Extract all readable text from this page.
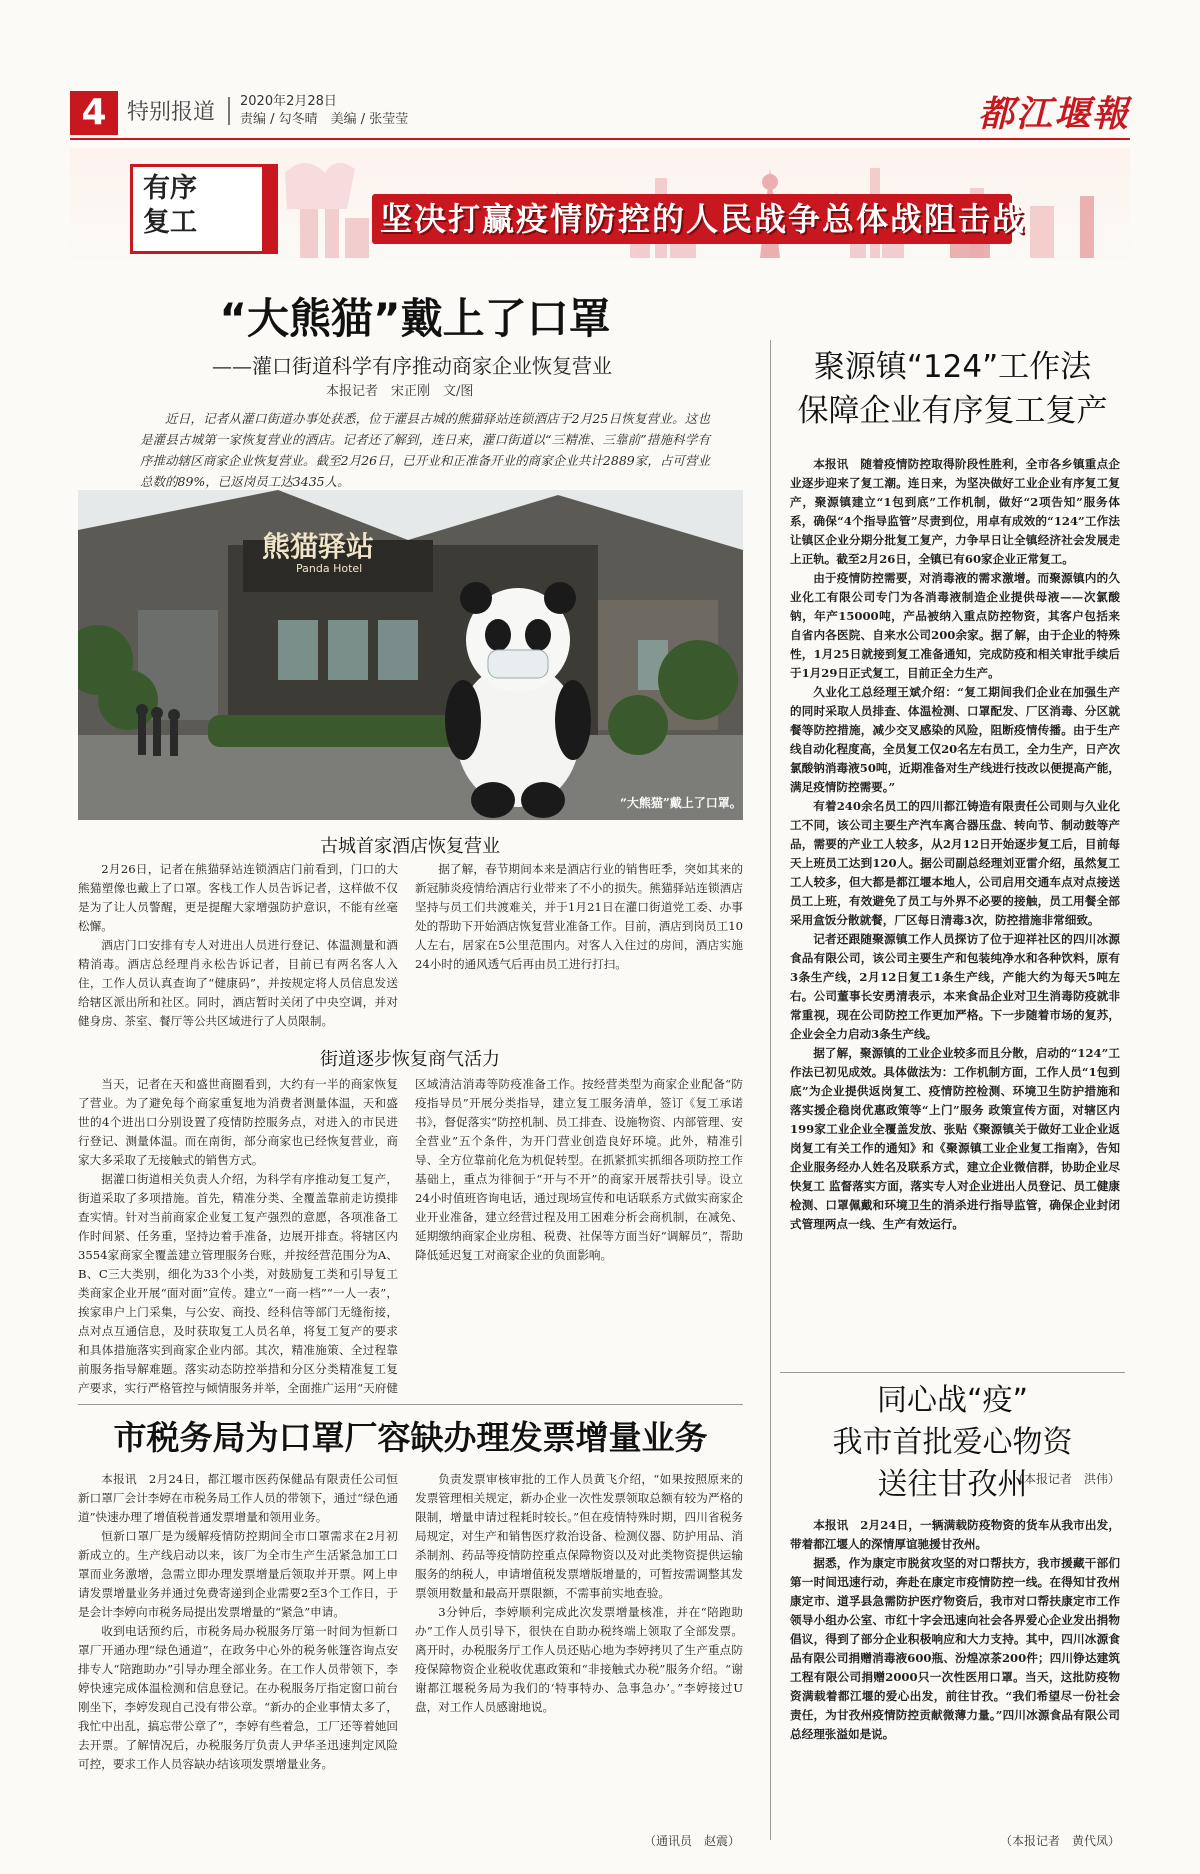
4 特别报道 2020年2月28日
责编 / 勾冬晴　美编 / 张莹莹	都江堰報
有序
复工	坚决打赢疫情防控的人民战争总体战阻击战
“大熊猫”戴上了口罩
——灌口街道科学有序推动商家企业恢复营业
本报记者　宋正刚　文/图

近日，记者从灌口街道办事处获悉，位于灌县古城的熊猫驿站连锁酒店于2月25日恢复营业。这也是灌县古城第一家恢复营业的酒店。记者还了解到，连日来，灌口街道以“三精准、三靠前”措施科学有序推动辖区商家企业恢复营业。截至2月26日，已开业和正准备开业的商家企业共计2889家，占可营业总数的89%，已返岗员工达3435人。

熊猫驿站
Panda Hotel
“大熊猫”戴上了口罩。
古城首家酒店恢复营业

2月26日，记者在熊猫驿站连锁酒店门前看到，门口的大熊猫塑像也戴上了口罩。客栈工作人员告诉记者，这样做不仅是为了让人员警醒，更是提醒大家增强防护意识，不能有丝毫松懈。

酒店门口安排有专人对进出人员进行登记、体温测量和酒精消毒。酒店总经理肖永松告诉记者，目前已有两名客人入住，工作人员认真查询了“健康码”，并按规定将人员信息发送给辖区派出所和社区。同时，酒店暂时关闭了中央空调，并对健身房、茶室、餐厅等公共区域进行了人员限制。

据了解，春节期间本来是酒店行业的销售旺季，突如其来的新冠肺炎疫情给酒店行业带来了不小的损失。熊猫驿站连锁酒店坚持与员工们共渡难关，并于1月21日在灌口街道党工委、办事处的帮助下开始酒店恢复营业准备工作。目前，酒店到岗员工10人左右，居家在5公里范围内。对客人入住过的房间，酒店实施24小时的通风透气后再由员工进行打扫。

街道逐步恢复商气活力

当天，记者在天和盛世商圈看到，大约有一半的商家恢复了营业。为了避免每个商家重复地为消费者测量体温，天和盛世的4个进出口分别设置了疫情防控服务点，对进入的市民进行登记、测量体温。而在南街，部分商家也已经恢复营业，商家大多采取了无接触式的销售方式。

据灌口街道相关负责人介绍，为科学有序推动复工复产，街道采取了多项措施。首先，精准分类、全覆盖靠前走访摸排查实情。针对当前商家企业复工复产强烈的意愿，各项准备工作时间紧、任务重，坚持边着手准备，边展开排查。将辖区内3554家商家全覆盖建立管理服务台账，并按经营范围分为A、B、C三大类别，细化为33个小类，对鼓励复工类和引导复工类商家企业开展“面对面”宣传。建立“一商一档”“一人一表”，挨家串户上门采集，与公安、商投、经科信等部门无缝衔接，点对点互通信息，及时获取复工人员名单，将复工复产的要求和具体措施落实到商家企业内部。其次，精准施策、全过程靠前服务指导解难题。落实动态防控举措和分区分类精准复工复产要求，实行严格管控与倾情服务并举，全面推广运用“天府健

区域清洁消毒等防疫准备工作。按经营类型为商家企业配备“防疫指导员”开展分类指导，建立复工服务清单，签订《复工承诺书》，督促落实“防控机制、员工排查、设施物资、内部管理、安全营业”五个条件，为开门营业创造良好环境。此外，精准引导、全方位靠前化危为机促转型。在抓紧抓实抓细各项防控工作基础上，重点为徘徊于“开与不开”的商家开展帮扶引导。设立24小时值班咨询电话，通过现场宣传和电话联系方式做实商家企业开业准备，建立经营过程及用工困难分析会商机制，在减免、延期缴纳商家企业房租、税费、社保等方面当好“调解员”，帮助降低延迟复工对商家企业的负面影响。

市税务局为口罩厂容缺办理发票增量业务

本报讯　2月24日，都江堰市医药保健品有限责任公司恒新口罩厂会计李婷在市税务局工作人员的带领下，通过“绿色通道”快速办理了增值税普通发票增量和领用业务。

恒新口罩厂是为缓解疫情防控期间全市口罩需求在2月初新成立的。生产线启动以来，该厂为全市生产生活紧急加工口罩而业务激增，急需立即办理发票增量后领取并开票。网上申请发票增量业务并通过免费寄递到企业需要2至3个工作日，于是会计李婷向市税务局提出发票增量的“紧急”申请。

收到电话预约后，市税务局办税服务厅第一时间为恒新口罩厂开通办理“绿色通道”，在政务中心外的税务帐篷咨询点安排专人“陪跑助办”引导办理全部业务。在工作人员带领下，李婷快速完成体温检测和信息登记。在办税服务厅指定窗口前台刚坐下，李婷发现自己没有带公章。“新办的企业事情太多了，我忙中出乱，搞忘带公章了”，李婷有些着急，工厂还等着她回去开票。了解情况后，办税服务厅负责人尹华圣迅速判定风险可控，要求工作人员容缺办结该项发票增量业务。

负责发票审核审批的工作人员黄飞介绍，“如果按照原来的发票管理相关规定，新办企业一次性发票领取总额有较为严格的限制，增量申请过程耗时较长。”但在疫情特殊时期，四川省税务局规定，对生产和销售医疗救治设备、检测仪器、防护用品、消杀制剂、药品等疫情防控重点保障物资以及对此类物资提供运输服务的纳税人，申请增值税发票增版增量的，可暂按需调整其发票领用数量和最高开票限额，不需事前实地查验。

3分钟后，李婷顺利完成此次发票增量核准，并在“陪跑助办”工作人员引导下，很快在自助办税终端上领取了全部发票。离开时，办税服务厅工作人员还贴心地为李婷拷贝了生产重点防疫保障物资企业税收优惠政策和“非接触式办税”服务介绍。“谢谢都江堰税务局为我们的‘特事特办、急事急办’。”李婷接过U盘，对工作人员感谢地说。

（通讯员　赵震）
聚源镇“124”工作法
保障企业有序复工复产

本报讯　随着疫情防控取得阶段性胜利，全市各乡镇重点企业逐步迎来了复工潮。连日来，为坚决做好工业企业有序复工复产，聚源镇建立“1包到底”工作机制，做好“2项告知”服务体系，确保“4个指导监管”尽责到位，用卓有成效的“124”工作法让镇区企业分期分批复工复产，力争早日让全镇经济社会发展走上正轨。截至2月26日，全镇已有60家企业正常复工。

由于疫情防控需要，对消毒液的需求激增。而聚源镇内的久业化工有限公司专门为各消毒液制造企业提供母液——次氯酸钠，年产15000吨，产品被纳入重点防控物资，其客户包括来自省内各医院、自来水公司200余家。据了解，由于企业的特殊性，1月25日就接到复工准备通知，完成防疫和相关审批手续后于1月29日正式复工，目前正全力生产。

久业化工总经理王斌介绍：“复工期间我们企业在加强生产的同时采取人员排查、体温检测、口罩配发、厂区消毒、分区就餐等防控措施，减少交叉感染的风险，阻断疫情传播。由于生产线自动化程度高，全员复工仅20名左右员工，全力生产，日产次氯酸钠消毒液50吨，近期准备对生产线进行技改以便提高产能，满足疫情防控需要。”

有着240余名员工的四川都江铸造有限责任公司则与久业化工不同，该公司主要生产汽车离合器压盘、转向节、制动鼓等产品，需要的产业工人较多，从2月12日开始逐步复工后，目前每天上班员工达到120人。据公司副总经理刘亚雷介绍，虽然复工工人较多，但大都是都江堰本地人，公司启用交通车点对点接送员工上班，有效避免了员工与外界不必要的接触，员工用餐全部采用盒饭分散就餐，厂区每日清毒3次，防控措施非常细致。

记者还跟随聚源镇工作人员探访了位于迎祥社区的四川冰源食品有限公司，该公司主要生产和包装纯净水和各种饮料，原有3条生产线，2月12日复工1条生产线，产能大约为每天5吨左右。公司董事长安勇清表示，本来食品企业对卫生消毒防疫就非常重视，现在公司防控工作更加严格。下一步随着市场的复苏，企业会全力启动3条生产线。

据了解，聚源镇的工业企业较多而且分散，启动的“124”工作法已初见成效。具体做法为：工作机制方面，工作人员“1包到底”为企业提供返岗复工、疫情防控检测、环境卫生防护措施和落实援企稳岗优惠政策等“上门”服务 政策宣传方面，对辖区内199家工业企业全覆盖发放、张贴《聚源镇关于做好工业企业返岗复工有关工作的通知》和《聚源镇工业企业复工指南》，告知企业服务经办人姓名及联系方式，建立企业微信群，协助企业尽快复工 监督落实方面，落实专人对企业进出人员登记、员工健康检测、口罩佩戴和环境卫生的消杀进行指导监管，确保企业封闭式管理两点一线、生产有效运行。

（本报记者　洪伟）
同心战“疫”
我市首批爱心物资
送往甘孜州

本报讯　2月24日，一辆满载防疫物资的货车从我市出发，带着都江堰人的深情厚谊驰援甘孜州。

据悉，作为康定市脱贫攻坚的对口帮扶方，我市援藏干部们第一时间迅速行动，奔赴在康定市疫情防控一线。在得知甘孜州康定市、道孚县急需防护医疗物资后，我市对口帮扶康定市工作领导小组办公室、市红十字会迅速向社会各界爱心企业发出捐物倡议，得到了部分企业积极响应和大力支持。其中，四川冰源食品有限公司捐赠消毒液600瓶、汾煌凉茶200件；四川铮达建筑工程有限公司捐赠2000只一次性医用口罩。当天，这批防疫物资满载着都江堰的爱心出发，前往甘孜。“我们希望尽一份社会责任，为甘孜州疫情防控贡献微薄力量。”四川冰源食品有限公司总经理张溢如是说。

（本报记者　黄代凤）
